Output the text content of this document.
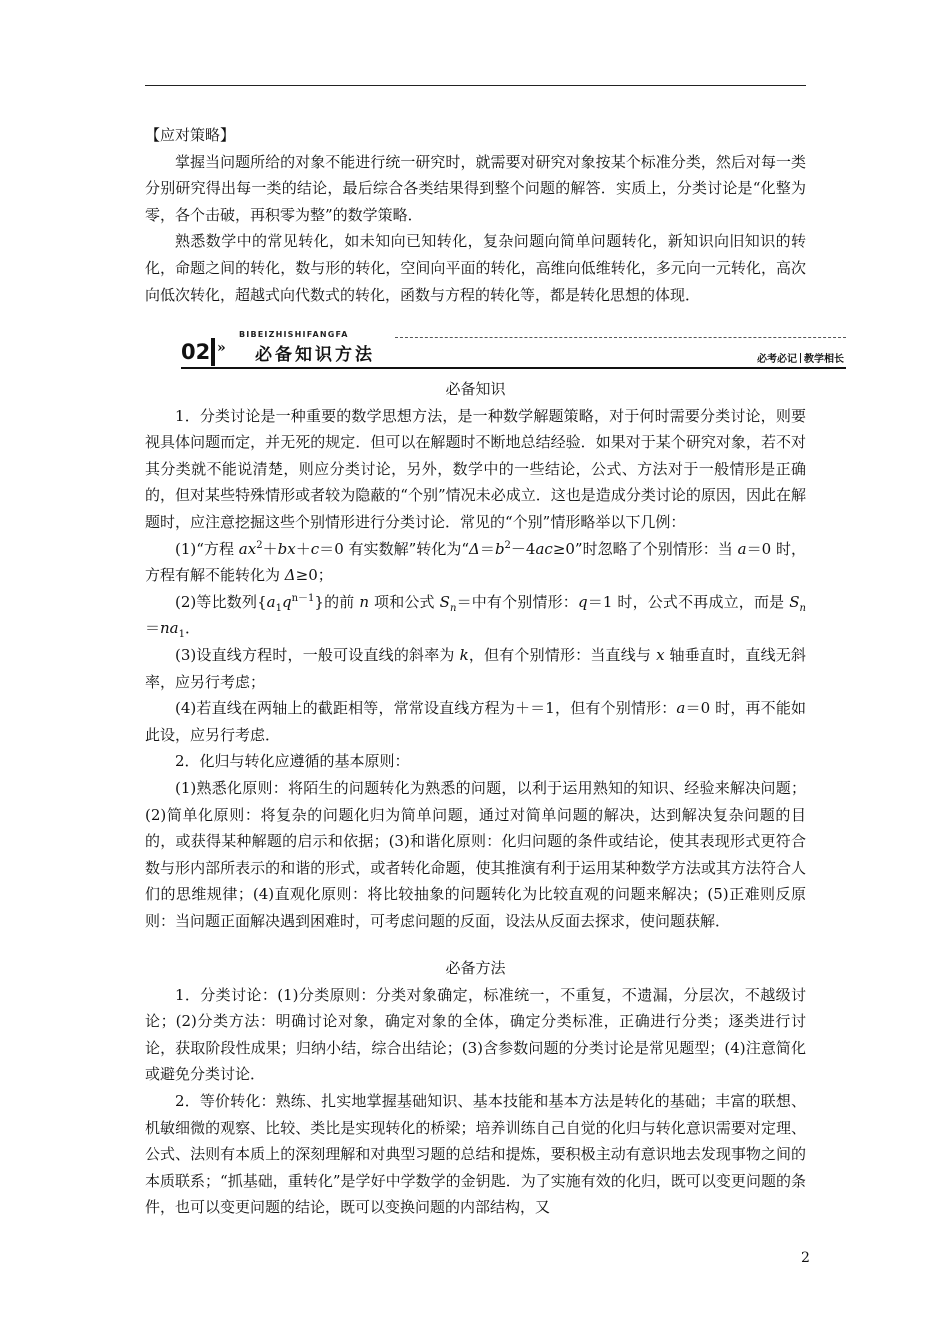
【应对策略】

掌握当问题所给的对象不能进行统一研究时，就需要对研究对象按某个标准分类，然后对每一类分别研究得出每一类的结论，最后综合各类结果得到整个问题的解答．实质上，分类讨论是“化整为零，各个击破，再积零为整”的数学策略．

熟悉数学中的常见转化，如未知向已知转化，复杂问题向简单问题转化，新知识向旧知识的转化，命题之间的转化，数与形的转化，空间向平面的转化，高维向低维转化，多元向一元转化，高次向低次转化，超越式向代数式的转化，函数与方程的转化等，都是转化思想的体现．

BIBEIZHISHIFANGFA
02 » 必备知识方法	必考必记 教学相长

必备知识

1．分类讨论是一种重要的数学思想方法，是一种数学解题策略，对于何时需要分类讨论，则要视具体问题而定，并无死的规定．但可以在解题时不断地总结经验．如果对于某个研究对象，若不对其分类就不能说清楚，则应分类讨论，另外，数学中的一些结论，公式、方法对于一般情形是正确的，但对某些特殊情形或者较为隐蔽的“个别”情况未必成立．这也是造成分类讨论的原因，因此在解题时，应注意挖掘这些个别情形进行分类讨论．常见的“个别”情形略举以下几例：

(1)“方程 $ax^2+bx+c=0$ 有实数解”转化为“$\Delta=b^2-4ac\ge 0$”时忽略了个别情形：当 a＝0 时，方程有解不能转化为 Δ≥0；

(2)等比数列$\{a_1q^{n-1}\}$的前 n 项和公式 $S_n=$中有个别情形：q＝1 时，公式不再成立，而是 $S_n=na_1$．

(3)设直线方程时，一般可设直线的斜率为 k，但有个别情形：当直线与 x 轴垂直时，直线无斜率，应另行考虑；

(4)若直线在两轴上的截距相等，常常设直线方程为＋＝1，但有个别情形：a＝0 时，再不能如此设，应另行考虑．

2．化归与转化应遵循的基本原则：

(1)熟悉化原则：将陌生的问题转化为熟悉的问题，以利于运用熟知的知识、经验来解决问题；(2)简单化原则：将复杂的问题化归为简单问题，通过对简单问题的解决，达到解决复杂问题的目的，或获得某种解题的启示和依据；(3)和谐化原则：化归问题的条件或结论，使其表现形式更符合数与形内部所表示的和谐的形式，或者转化命题，使其推演有利于运用某种数学方法或其方法符合人们的思维规律；(4)直观化原则：将比较抽象的问题转化为比较直观的问题来解决；(5)正难则反原则：当问题正面解决遇到困难时，可考虑问题的反面，设法从反面去探求，使问题获解．

必备方法

1．分类讨论：(1)分类原则：分类对象确定，标准统一，不重复，不遗漏，分层次，不越级讨论；(2)分类方法：明确讨论对象，确定对象的全体，确定分类标准，正确进行分类；逐类进行讨论，获取阶段性成果；归纳小结，综合出结论；(3)含参数问题的分类讨论是常见题型；(4)注意简化或避免分类讨论．

2．等价转化：熟练、扎实地掌握基础知识、基本技能和基本方法是转化的基础；丰富的联想、机敏细微的观察、比较、类比是实现转化的桥梁；培养训练自己自觉的化归与转化意识需要对定理、公式、法则有本质上的深刻理解和对典型习题的总结和提炼，要积极主动有意识地去发现事物之间的本质联系；“抓基础，重转化”是学好中学数学的金钥匙．为了实施有效的化归，既可以变更问题的条件，也可以变更问题的结论，既可以变换问题的内部结构，又

2
